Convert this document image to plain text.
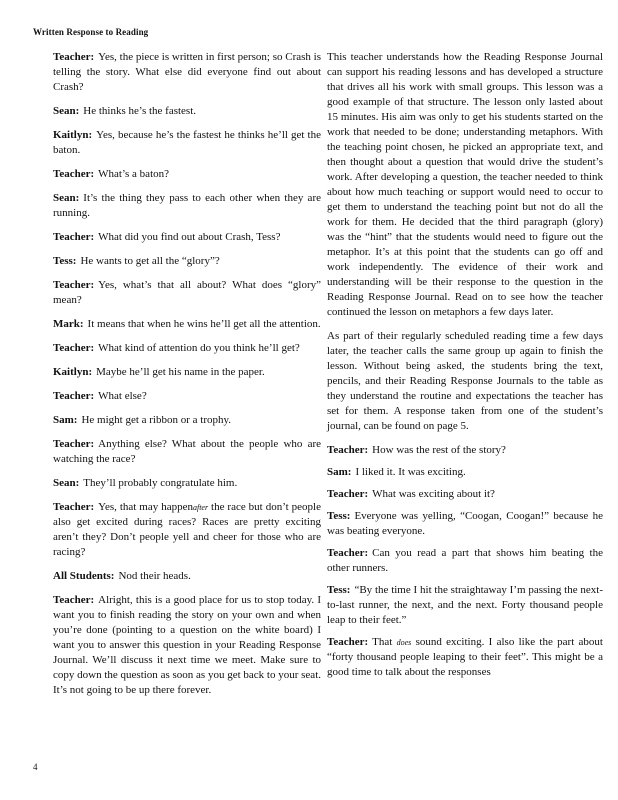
Written Response to Reading

Teacher: Yes, the piece is written in first person; so Crash is telling the story. What else did everyone find out about Crash?

Sean: He thinks he’s the fastest.

Kaitlyn: Yes, because he’s the fastest he thinks he’ll get the baton.

Teacher: What’s a baton?

Sean: It’s the thing they pass to each other when they are running.

Teacher: What did you find out about Crash, Tess?

Tess: He wants to get all the “glory”?

Teacher: Yes, what’s that all about? What does “glory” mean?

Mark: It means that when he wins he’ll get all the attention.

Teacher: What kind of attention do you think he’ll get?

Kaitlyn: Maybe he’ll get his name in the paper.

Teacher: What else?

Sam: He might get a ribbon or a trophy.

Teacher: Anything else? What about the people who are watching the race?

Sean: They’ll probably congratulate him.

Teacher: Yes, that may happenafter the race but don’t people also get excited during races? Races are pretty exciting aren’t they? Don’t people yell and cheer for those who are racing?

All Students: Nod their heads.

Teacher: Alright, this is a good place for us to stop today. I want you to finish reading the story on your own and when you’re done (pointing to a question on the white board) I want you to answer this question in your Reading Response Journal. We’ll discuss it next time we meet. Make sure to copy down the question as soon as you get back to your seat. It’s not going to be up there forever.

This teacher understands how the Reading Response Journal can support his reading lessons and has developed a structure that drives all his work with small groups. This lesson was a good example of that structure. The lesson only lasted about 15 minutes. His aim was only to get his students started on the work that needed to be done; understanding metaphors. With the teaching point chosen, he picked an appropriate text, and then thought about a question that would drive the student’s work. After developing a question, the teacher needed to think about how much teaching or support would need to occur to get them to understand the teaching point but not do all the work for them. He decided that the third paragraph (glory) was the “hint” that the students would need to figure out the metaphor. It’s at this point that the students can go off and work independently. The evidence of their work and understanding will be their response to the question in the Reading Response Journal. Read on to see how the teacher continued the lesson on metaphors a few days later.

As part of their regularly scheduled reading time a few days later, the teacher calls the same group up again to finish the lesson. Without being asked, the students bring the text, pencils, and their Reading Response Journals to the table as they understand the routine and expectations the teacher has set for them. A response taken from one of the student’s journal, can be found on page 5.

Teacher: How was the rest of the story?

Sam: I liked it. It was exciting.

Teacher: What was exciting about it?

Tess: Everyone was yelling, “Coogan, Coogan!” because he was beating everyone.

Teacher: Can you read a part that shows him beating the other runners.

Tess: “By the time I hit the straightaway I’m passing the next-to-last runner, the next, and the next. Forty thousand people leap to their feet.”

Teacher: That does sound exciting. I also like the part about “forty thousand people leaping to their feet”. This might be a good time to talk about the responses

4
